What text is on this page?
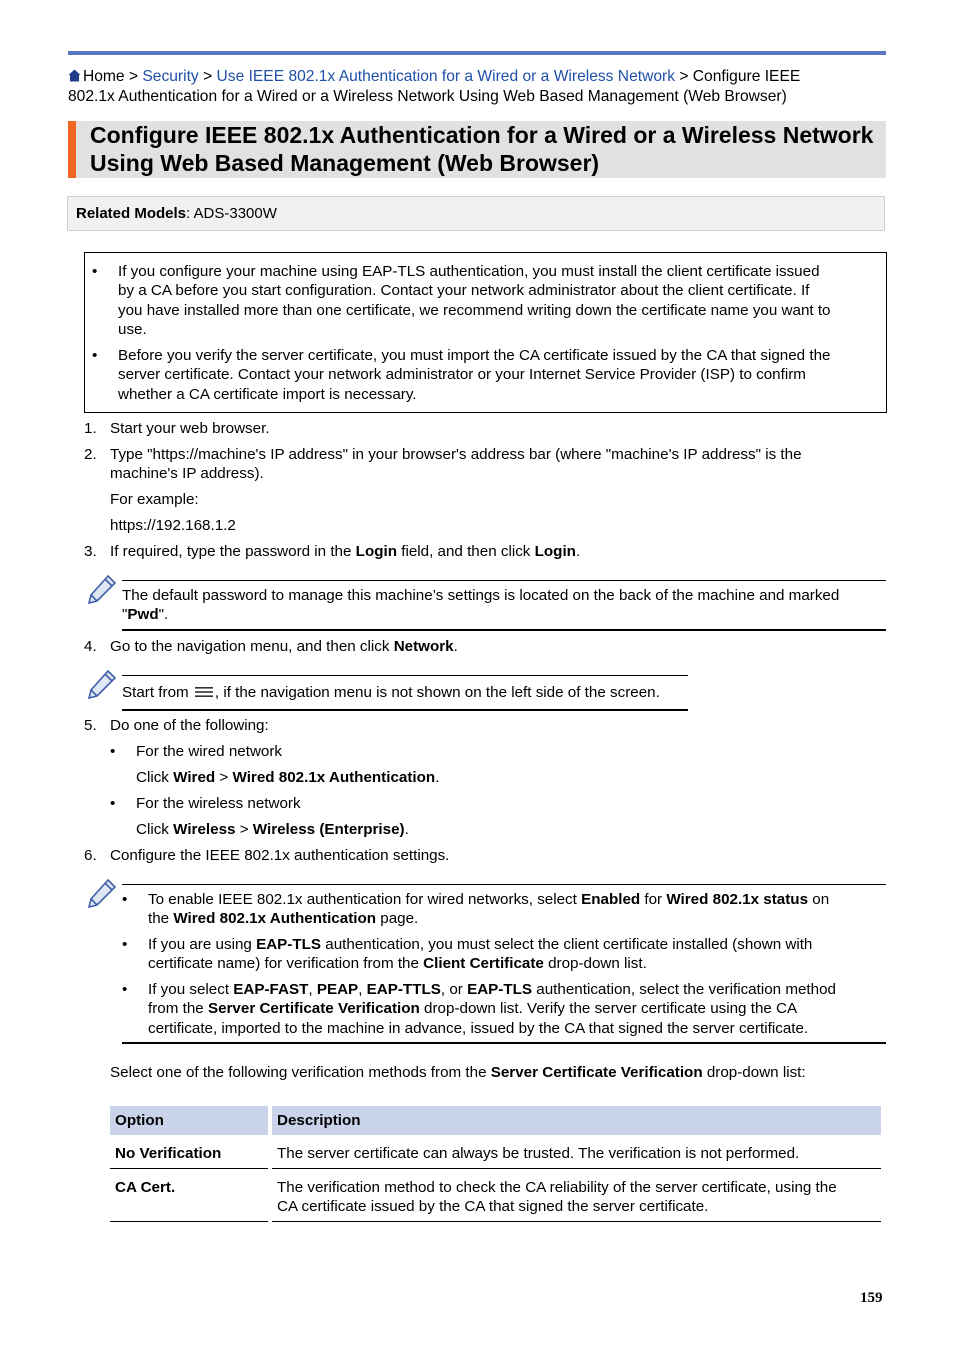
Home > Security > Use IEEE 802.1x Authentication for a Wired or a Wireless Network > Configure IEEE
802.1x Authentication for a Wired or a Wireless Network Using Web Based Management (Web Browser)
Configure IEEE 802.1x Authentication for a Wired or a Wireless Network
Using Web Based Management (Web Browser)
Related Models: ADS-3300W
• If you configure your machine using EAP-TLS authentication, you must install the client certificate issued
by a CA before you start configuration. Contact your network administrator about the client certificate. If
you have installed more than one certificate, we recommend writing down the certificate name you want to
use.
• Before you verify the server certificate, you must import the CA certificate issued by the CA that signed the
server certificate. Contact your network administrator or your Internet Service Provider (ISP) to confirm
whether a CA certificate import is necessary.
1. Start your web browser.
2. Type "https://machine's IP address" in your browser's address bar (where "machine's IP address" is the
machine's IP address).
For example:
https://192.168.1.2
3. If required, type the password in the Login field, and then click Login.
The default password to manage this machine’s settings is located on the back of the machine and marked
"Pwd".
4. Go to the navigation menu, and then click Network.
Start from , if the navigation menu is not shown on the left side of the screen.
5. Do one of the following:
• For the wired network
Click Wired > Wired 802.1x Authentication.
• For the wireless network
Click Wireless > Wireless (Enterprise).
6. Configure the IEEE 802.1x authentication settings.
• To enable IEEE 802.1x authentication for wired networks, select Enabled for Wired 802.1x status on
the Wired 802.1x Authentication page.
• If you are using EAP-TLS authentication, you must select the client certificate installed (shown with
certificate name) for verification from the Client Certificate drop-down list.
• If you select EAP-FAST, PEAP, EAP-TTLS, or EAP-TLS authentication, select the verification method
from the Server Certificate Verification drop-down list. Verify the server certificate using the CA
certificate, imported to the machine in advance, issued by the CA that signed the server certificate.
Select one of the following verification methods from the Server Certificate Verification drop-down list:
Option	Description
No Verification	The server certificate can always be trusted. The verification is not performed.
CA Cert.	The verification method to check the CA reliability of the server certificate, using the
CA certificate issued by the CA that signed the server certificate.
159
